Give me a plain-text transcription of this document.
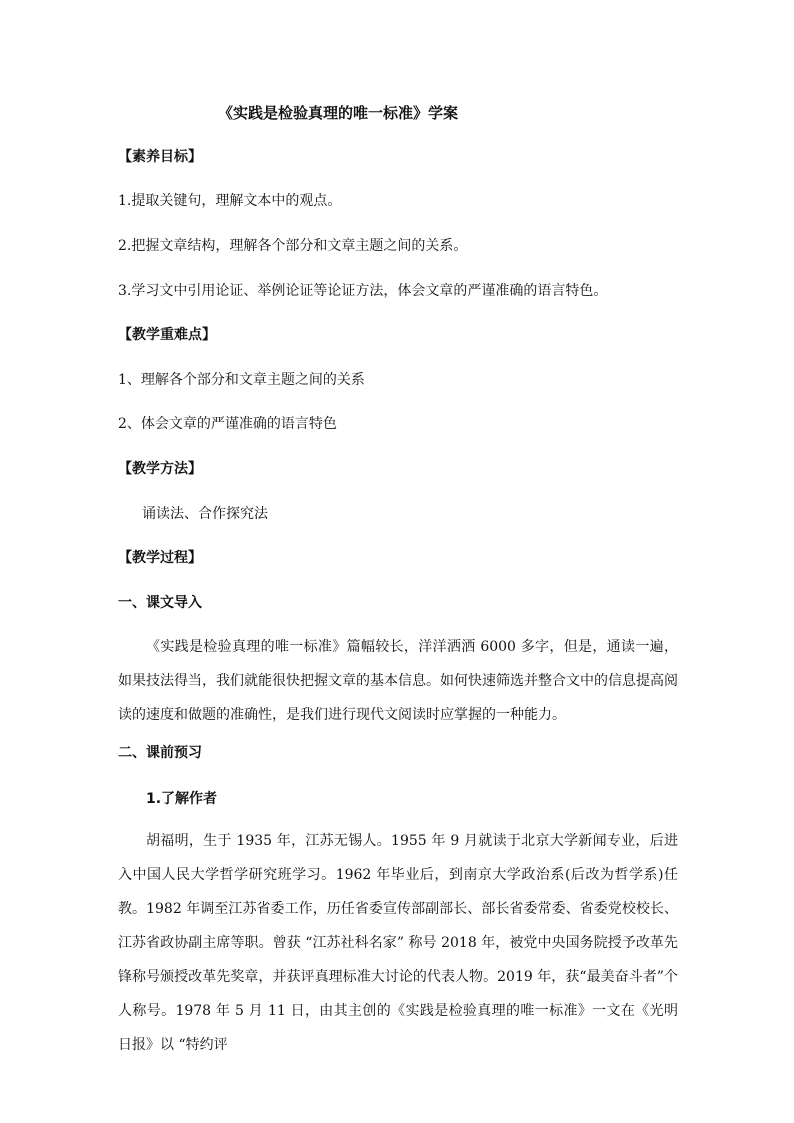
《实践是检验真理的唯一标准》学案
【素养目标】
1.提取关键句，理解文本中的观点。
2.把握文章结构，理解各个部分和文章主题之间的关系。
3.学习文中引用论证、举例论证等论证方法，体会文章的严谨准确的语言特色。
【教学重难点】
1、理解各个部分和文章主题之间的关系
2、体会文章的严谨准确的语言特色
【教学方法】
诵读法、合作探究法
【教学过程】
一、课文导入

《实践是检验真理的唯一标准》篇幅较长，洋洋洒洒 6000 多字，但是，通读一遍，如果技法得当，我们就能很快把握文章的基本信息。如何快速筛选并整合文中的信息提高阅读的速度和做题的准确性，是我们进行现代文阅读时应掌握的一种能力。

二、课前预习
1.了解作者

胡福明，生于 1935 年，江苏无锡人。1955 年 9 月就读于北京大学新闻专业，后进入中国人民大学哲学研究班学习。1962 年毕业后，到南京大学政治系(后改为哲学系)任教。1982 年调至江苏省委工作，历任省委宣传部副部长、部长省委常委、省委党校校长、江苏省政协副主席等职。曾获 “江苏社科名家” 称号 2018 年，被党中央国务院授予改革先锋称号颁授改革先奖章，并获评真理标准大讨论的代表人物。2019 年，获“最美奋斗者”个人称号。1978 年 5 月 11 日，由其主创的《实践是检验真理的唯一标准》一文在《光明日报》以 “特约评
